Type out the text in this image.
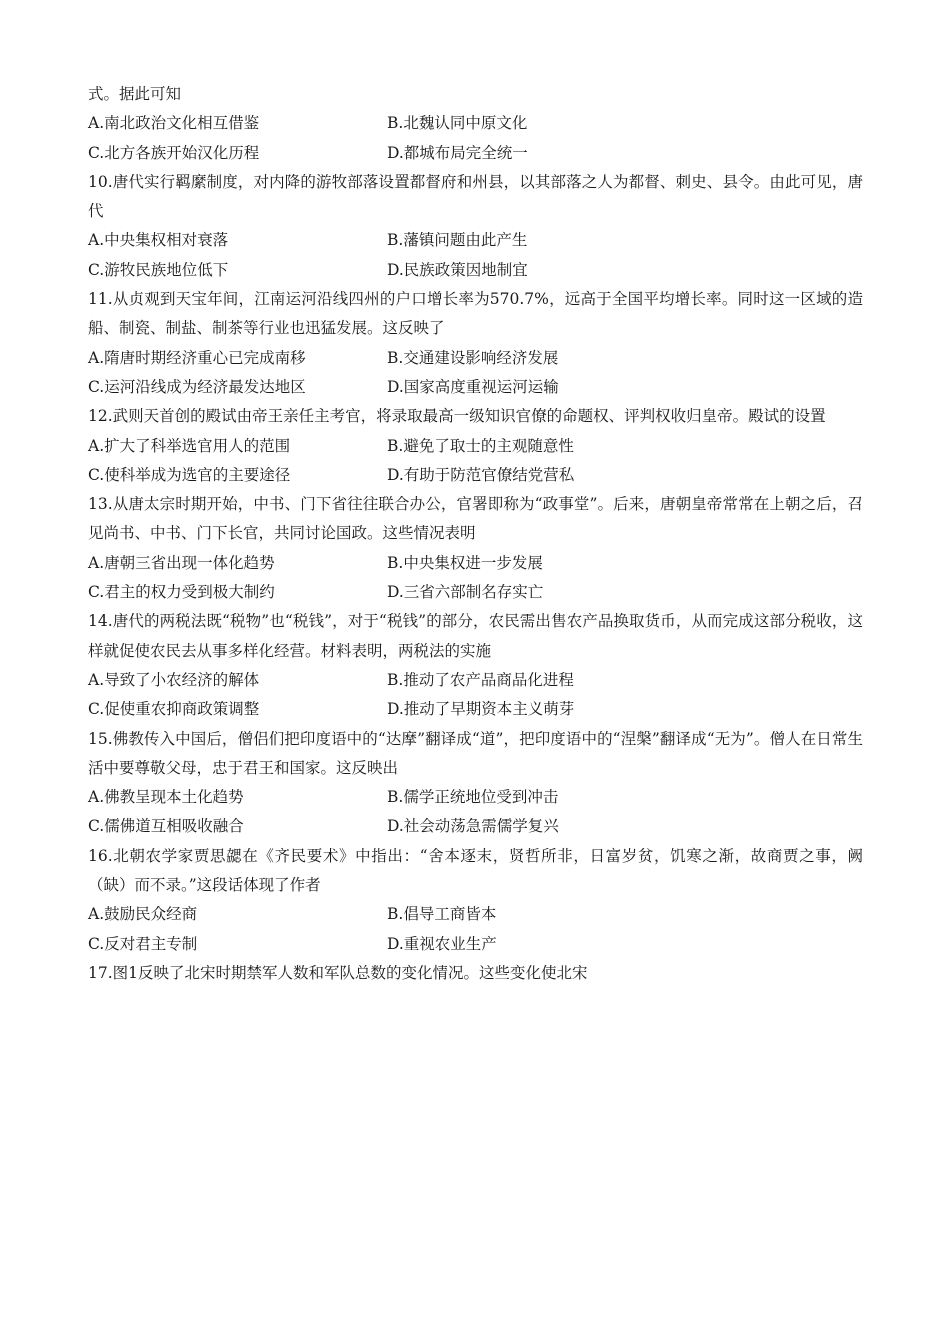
式。据此可知
A.南北政治文化相互借鉴	B.北魏认同中原文化
C.北方各族开始汉化历程	D.都城布局完全统一
10.唐代实行羁縻制度，对内降的游牧部落设置都督府和州县，以其部落之人为都督、刺史、县令。由此可见，唐代
A.中央集权相对衰落	B.藩镇问题由此产生
C.游牧民族地位低下	D.民族政策因地制宜
11.从贞观到天宝年间，江南运河沿线四州的户口增长率为570.7%，远高于全国平均增长率。同时这一区域的造船、制瓷、制盐、制茶等行业也迅猛发展。这反映了
A.隋唐时期经济重心已完成南移	B.交通建设影响经济发展
C.运河沿线成为经济最发达地区	D.国家高度重视运河运输
12.武则天首创的殿试由帝王亲任主考官，将录取最高一级知识官僚的命题权、评判权收归皇帝。殿试的设置
A.扩大了科举选官用人的范围	B.避免了取士的主观随意性
C.使科举成为选官的主要途径	D.有助于防范官僚结党营私
13.从唐太宗时期开始，中书、门下省往往联合办公，官署即称为“政事堂”。后来，唐朝皇帝常常在上朝之后，召见尚书、中书、门下长官，共同讨论国政。这些情况表明
A.唐朝三省出现一体化趋势	B.中央集权进一步发展
C.君主的权力受到极大制约	D.三省六部制名存实亡
14.唐代的两税法既“税物”也“税钱”，对于“税钱”的部分，农民需出售农产品换取货币，从而完成这部分税收，这样就促使农民去从事多样化经营。材料表明，两税法的实施
A.导致了小农经济的解体	B.推动了农产品商品化进程
C.促使重农抑商政策调整	D.推动了早期资本主义萌芽
15.佛教传入中国后，僧侣们把印度语中的“达摩”翻译成“道”，把印度语中的“涅槃”翻译成“无为”。僧人在日常生活中要尊敬父母，忠于君王和国家。这反映出
A.佛教呈现本土化趋势	B.儒学正统地位受到冲击
C.儒佛道互相吸收融合	D.社会动荡急需儒学复兴
16.北朝农学家贾思勰在《齐民要术》中指出：“舍本逐末，贤哲所非，日富岁贫，饥寒之渐，故商贾之事，阙（缺）而不录。”这段话体现了作者
A.鼓励民众经商	B.倡导工商皆本
C.反对君主专制	D.重视农业生产
17.图1反映了北宋时期禁军人数和军队总数的变化情况。这些变化使北宋
